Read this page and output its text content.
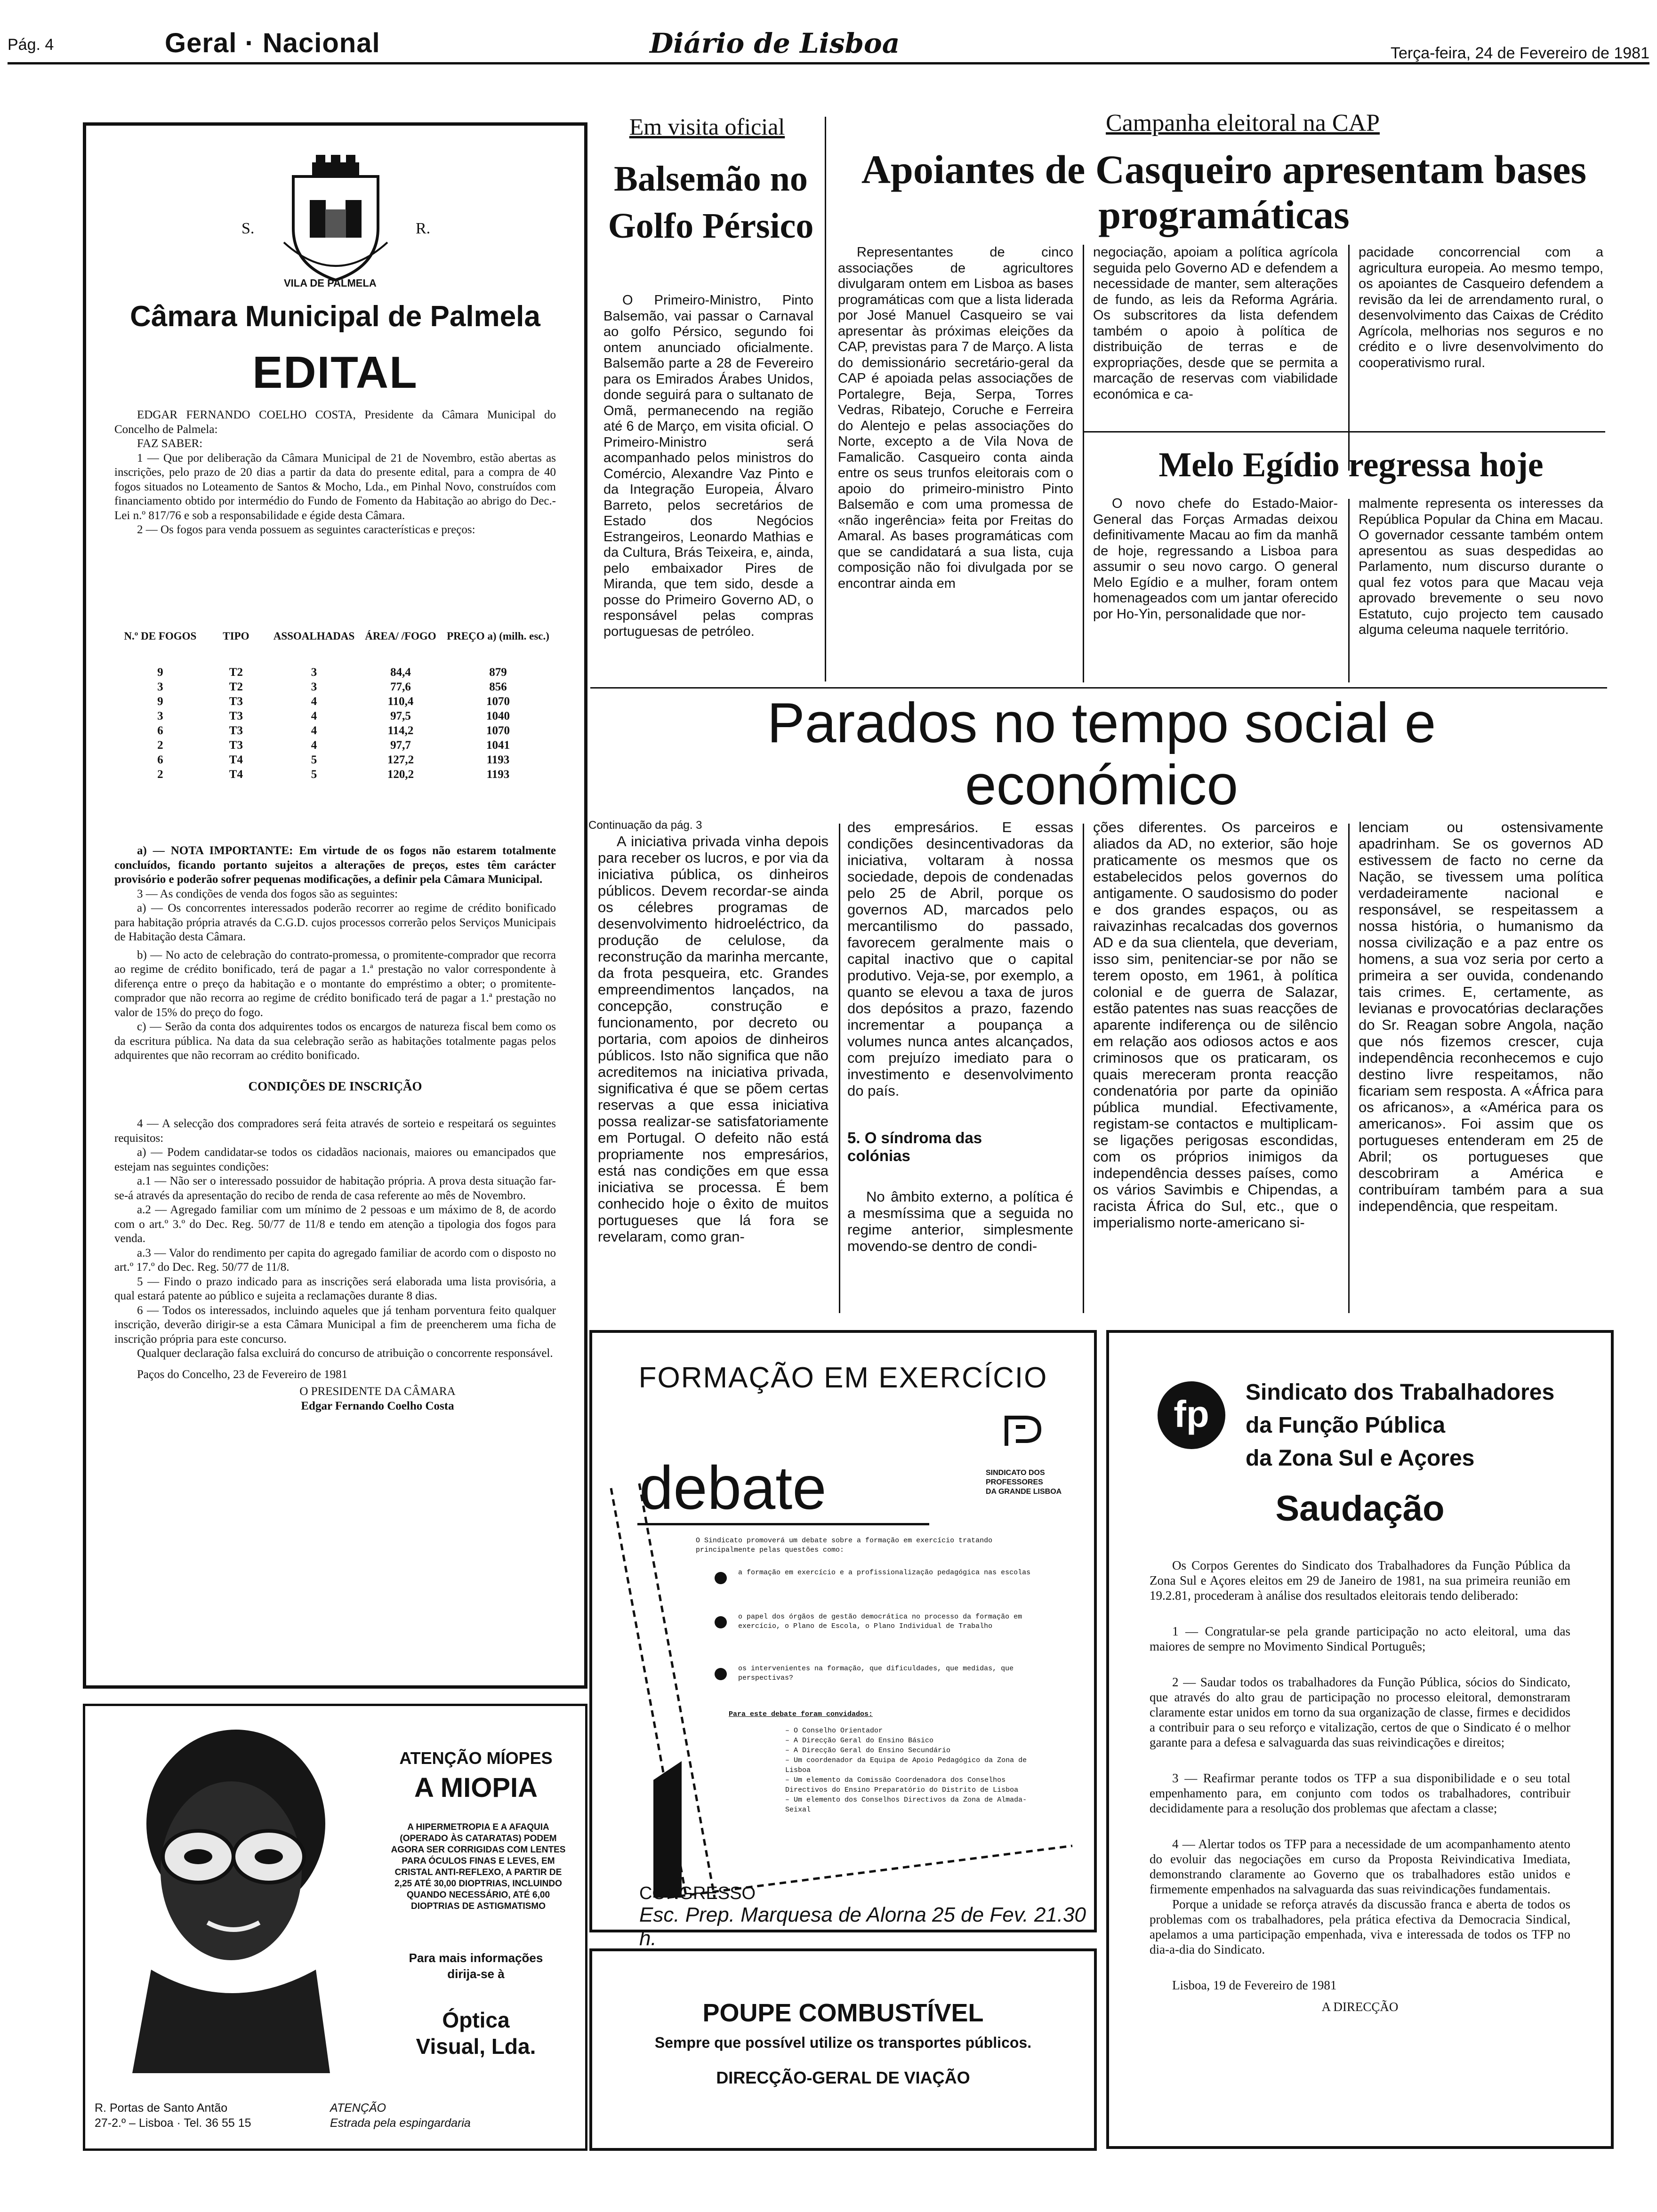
Pág. 4	Geral · Nacional	Diário de Lisboa	Terça-feira, 24 de Fevereiro de 1981
S.	R.
VILA DE PALMELA
Câmara Municipal de Palmela
EDITAL
EDGAR FERNANDO COELHO COSTA, Presidente da Câmara Municipal do Concelho de Palmela:
FAZ SABER:
1 — Que por deliberação da Câmara Municipal de 21 de Novembro, estão abertas as inscrições, pelo prazo de 20 dias a partir da data do presente edital, para a compra de 40 fogos situados no Loteamento de Santos & Mocho, Lda., em Pinhal Novo, construídos com financiamento obtido por intermédio do Fundo de Fomento da Habitação ao abrigo do Dec.-Lei n.º 817/76 e sob a responsabilidade e égide desta Câmara.
2 — Os fogos para venda possuem as seguintes características e preços:
N.º DE FOGOS	TIPO	ASSOALHADAS	ÁREA/ /FOGO	PREÇO a) (milh. esc.)

9	T2	3	84,4	879
3	T2	3	77,6	856
9	T3	4	110,4	1070
3	T3	4	97,5	1040
6	T3	4	114,2	1070
2	T3	4	97,7	1041
6	T4	5	127,2	1193
2	T4	5	120,2	1193
a) — NOTA IMPORTANTE: Em virtude de os fogos não estarem totalmente concluídos, ficando portanto sujeitos a alterações de preços, estes têm carácter provisório e poderão sofrer pequenas modificações, a definir pela Câmara Municipal.
3 — As condições de venda dos fogos são as seguintes:
a) — Os concorrentes interessados poderão recorrer ao regime de crédito bonificado para habitação própria através da C.G.D. cujos processos correrão pelos Serviços Municipais de Habitação desta Câmara.
b) — No acto de celebração do contrato-promessa, o promitente-comprador que recorra ao regime de crédito bonificado, terá de pagar a 1.ª prestação no valor correspondente à diferença entre o preço da habitação e o montante do empréstimo a obter; o promitente-comprador que não recorra ao regime de crédito bonificado terá de pagar a 1.ª prestação no valor de 15% do preço do fogo.
c) — Serão da conta dos adquirentes todos os encargos de natureza fiscal bem como os da escritura pública. Na data da sua celebração serão as habitações totalmente pagas pelos adquirentes que não recorram ao crédito bonificado.
CONDIÇÕES DE INSCRIÇÃO
4 — A selecção dos compradores será feita através de sorteio e respeitará os seguintes requisitos:
a) — Podem candidatar-se todos os cidadãos nacionais, maiores ou emancipados que estejam nas seguintes condições:
a.1 — Não ser o interessado possuidor de habitação própria. A prova desta situação far-se-á através da apresentação do recibo de renda de casa referente ao mês de Novembro.
a.2 — Agregado familiar com um mínimo de 2 pessoas e um máximo de 8, de acordo com o art.º 3.º do Dec. Reg. 50/77 de 11/8 e tendo em atenção a tipologia dos fogos para venda.
a.3 — Valor do rendimento per capita do agregado familiar de acordo com o disposto no art.º 17.º do Dec. Reg. 50/77 de 11/8.
5 — Findo o prazo indicado para as inscrições será elaborada uma lista provisória, a qual estará patente ao público e sujeita a reclamações durante 8 dias.
6 — Todos os interessados, incluindo aqueles que já tenham porventura feito qualquer inscrição, deverão dirigir-se a esta Câmara Municipal a fim de preencherem uma ficha de inscrição própria para este concurso.
Qualquer declaração falsa excluirá do concurso de atribuição o concorrente responsável.
Paços do Concelho, 23 de Fevereiro de 1981
O PRESIDENTE DA CÂMARA
Edgar Fernando Coelho Costa
ATENÇÃO MÍOPES
A MIOPIA
A HIPERMETROPIA E A AFAQUIA (OPERADO ÀS CATARATAS) PODEM AGORA SER CORRIGIDAS COM LENTES PARA ÓCULOS FINAS E LEVES, EM CRISTAL ANTI-REFLEXO, A PARTIR DE 2,25 ATÉ 30,00 DIOPTRIAS, INCLUINDO QUANDO NECESSÁRIO, ATÉ 6,00 DIOPTRIAS DE ASTIGMATISMO
Para mais informações
dirija-se à
Óptica
Visual, Lda.
R. Portas de Santo Antão
27-2.º – Lisboa · Tel. 36 55 15
ATENÇÃO
Estrada pela espingardaria
Em visita oficial
Balsemão no Golfo Pérsico
O Primeiro-Ministro, Pinto Balsemão, vai passar o Carnaval ao golfo Pérsico, segundo foi ontem anunciado oficialmente. Balsemão parte a 28 de Fevereiro para os Emirados Árabes Unidos, donde seguirá para o sultanato de Omã, permanecendo na região até 6 de Março, em visita oficial. O Primeiro-Ministro será acompanhado pelos ministros do Comércio, Alexandre Vaz Pinto e da Integração Europeia, Álvaro Barreto, pelos secretários de Estado dos Negócios Estrangeiros, Leonardo Mathias e da Cultura, Brás Teixeira, e, ainda, pelo embaixador Pires de Miranda, que tem sido, desde a posse do Primeiro Governo AD, o responsável pelas compras portuguesas de petróleo.
Campanha eleitoral na CAP
Apoiantes de Casqueiro apresentam bases programáticas
Representantes de cinco associações de agricultores divulgaram ontem em Lisboa as bases programáticas com que a lista liderada por José Manuel Casqueiro se vai apresentar às próximas eleições da CAP, previstas para 7 de Março. A lista do demissionário secretário-geral da CAP é apoiada pelas associações de Portalegre, Beja, Serpa, Torres Vedras, Ribatejo, Coruche e Ferreira do Alentejo e pelas associações do Norte, excepto a de Vila Nova de Famalicão. Casqueiro conta ainda entre os seus trunfos eleitorais com o apoio do primeiro-ministro Pinto Balsemão e com uma promessa de «não ingerência» feita por Freitas do Amaral. As bases programáticas com que se candidatará a sua lista, cuja composição não foi divulgada por se encontrar ainda em
negociação, apoiam a política agrícola seguida pelo Governo AD e defendem a necessidade de manter, sem alterações de fundo, as leis da Reforma Agrária. Os subscritores da lista defendem também o apoio à política de distribuição de terras e de expropriações, desde que se permita a marcação de reservas com viabilidade económica e ca-
pacidade concorrencial com a agricultura europeia. Ao mesmo tempo, os apoiantes de Casqueiro defendem a revisão da lei de arrendamento rural, o desenvolvimento das Caixas de Crédito Agrícola, melhorias nos seguros e no crédito e o livre desenvolvimento do cooperativismo rural.
Melo Egídio regressa hoje
O novo chefe do Estado-Maior-General das Forças Armadas deixou definitivamente Macau ao fim da manhã de hoje, regressando a Lisboa para assumir o seu novo cargo. O general Melo Egídio e a mulher, foram ontem homenageados com um jantar oferecido por Ho-Yin, personalidade que nor-
malmente representa os interesses da República Popular da China em Macau. O governador cessante também ontem apresentou as suas despedidas ao Parlamento, num discurso durante o qual fez votos para que Macau veja aprovado brevemente o seu novo Estatuto, cujo projecto tem causado alguma celeuma naquele território.
Parados no tempo social e económico
Continuação da pág. 3
A iniciativa privada vinha depois para receber os lucros, e por via da iniciativa pública, os dinheiros públicos. Devem recordar-se ainda os célebres programas de desenvolvimento hidroeléctrico, da produção de celulose, da reconstrução da marinha mercante, da frota pesqueira, etc. Grandes empreendimentos lançados, na concepção, construção e funcionamento, por decreto ou portaria, com apoios de dinheiros públicos. Isto não significa que não acreditemos na iniciativa privada, significativa é que se põem certas reservas a que essa iniciativa possa realizar-se satisfatoriamente em Portugal. O defeito não está propriamente nos empresários, está nas condições em que essa iniciativa se processa. É bem conhecido hoje o êxito de muitos portugueses que lá fora se revelaram, como gran-
des empresários. E essas condições desincentivadoras da iniciativa, voltaram à nossa sociedade, depois de condenadas pelo 25 de Abril, porque os governos AD, marcados pelo mercantilismo do passado, favorecem geralmente mais o capital inactivo que o capital produtivo. Veja-se, por exemplo, a quanto se elevou a taxa de juros dos depósitos a prazo, fazendo incrementar a poupança a volumes nunca antes alcançados, com prejuízo imediato para o investimento e desenvolvimento do país.
5. O síndroma das colónias
No âmbito externo, a política é a mesmíssima que a seguida no regime anterior, simplesmente movendo-se dentro de condi-
ções diferentes. Os parceiros e aliados da AD, no exterior, são hoje praticamente os mesmos que os estabelecidos pelos governos do antigamente. O saudosismo do poder e dos grandes espaços, ou as raivazinhas recalcadas dos governos AD e da sua clientela, que deveriam, isso sim, penitenciar-se por não se terem oposto, em 1961, à política colonial e de guerra de Salazar, estão patentes nas suas reacções de aparente indiferença ou de silêncio em relação aos odiosos actos e aos criminosos que os praticaram, os quais mereceram pronta reacção condenatória por parte da opinião pública mundial. Efectivamente, registam-se contactos e multiplicam-se ligações perigosas escondidas, com os próprios inimigos da independência desses países, como os vários Savimbis e Chipendas, a racista África do Sul, etc., que o imperialismo norte-americano si-
lenciam ou ostensivamente apadrinham. Se os governos AD estivessem de facto no cerne da Nação, se tivessem uma política verdadeiramente nacional e responsável, se respeitassem a nossa história, o humanismo da nossa civilização e a paz entre os homens, a sua voz seria por certo a primeira a ser ouvida, condenando tais crimes. E, certamente, as levianas e provocatórias declarações do Sr. Reagan sobre Angola, nação que nós fizemos crescer, cuja independência reconhecemos e cujo destino livre respeitamos, não ficariam sem resposta. A «África para os africanos», a «América para os americanos». Foi assim que os portugueses entenderam em 25 de Abril; os portugueses que descobriram a América e contribuíram também para a sua independência, que respeitam.
FORMAÇÃO EM EXERCÍCIO
SINDICATO DOS
PROFESSORES
DA GRANDE LISBOA
debate
O Sindicato promoverá um debate sobre a formação em exercício tratando principalmente pelas questões como:
a formação em exercício e a profissionalização pedagógica nas escolas
o papel dos órgãos de gestão democrática no processo da formação em exercício, o Plano de Escola, o Plano Individual de Trabalho
os intervenientes na formação, que dificuldades, que medidas, que perspectivas?
Para este debate foram convidados:
– O Conselho Orientador
– A Direcção Geral do Ensino Básico
– A Direcção Geral do Ensino Secundário
– Um coordenador da Equipa de Apoio Pedagógico da Zona de Lisboa
– Um elemento da Comissão Coordenadora dos Conselhos Directivos do Ensino Preparatório do Distrito de Lisboa
– Um elemento dos Conselhos Directivos da Zona de Almada-Seixal
CONGRESSO
Esc. Prep. Marquesa de Alorna 25 de Fev. 21.30 h.
POUPE COMBUSTÍVEL
Sempre que possível utilize os transportes públicos.
DIRECÇÃO-GERAL DE VIAÇÃO
fp
Sindicato dos Trabalhadores
da Função Pública
da Zona Sul e Açores
Saudação
Os Corpos Gerentes do Sindicato dos Trabalhadores da Função Pública da Zona Sul e Açores eleitos em 29 de Janeiro de 1981, na sua primeira reunião em 19.2.81, procederam à análise dos resultados eleitorais tendo deliberado:
1 — Congratular-se pela grande participação no acto eleitoral, uma das maiores de sempre no Movimento Sindical Português;
2 — Saudar todos os trabalhadores da Função Pública, sócios do Sindicato, que através do alto grau de participação no processo eleitoral, demonstraram claramente estar unidos em torno da sua organização de classe, firmes e decididos a contribuir para o seu reforço e vitalização, certos de que o Sindicato é o melhor garante para a defesa e salvaguarda das suas reivindicações e direitos;
3 — Reafirmar perante todos os TFP a sua disponibilidade e o seu total empenhamento para, em conjunto com todos os trabalhadores, contribuir decididamente para a resolução dos problemas que afectam a classe;
4 — Alertar todos os TFP para a necessidade de um acompanhamento atento do evoluir das negociações em curso da Proposta Reivindicativa Imediata, demonstrando claramente ao Governo que os trabalhadores estão unidos e firmemente empenhados na salvaguarda das suas reivindicações fundamentais.
Porque a unidade se reforça através da discussão franca e aberta de todos os problemas com os trabalhadores, pela prática efectiva da Democracia Sindical, apelamos a uma participação empenhada, viva e interessada de todos os TFP no dia-a-dia do Sindicato.
Lisboa, 19 de Fevereiro de 1981
A DIRECÇÃO
